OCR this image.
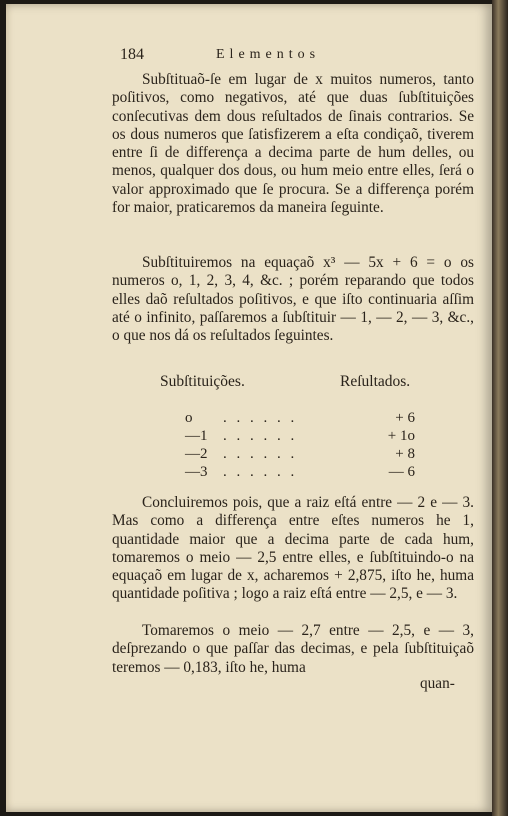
184	Elementos
Subſtituaõ-ſe em lugar de x muitos numeros, tanto poſitivos, como negativos, até que duas ſubſtituições conſecutivas dem dous reſultados de ſinais contrarios. Se os dous numeros que ſatisfizerem a eſta condiçaõ, tiverem entre ſi de differença a decima parte de hum delles, ou menos, qualquer dos dous, ou hum meio entre elles, ſerá o valor approximado que ſe procura. Se a differença porém for maior, praticaremos da maneira ſeguinte.
Subſtituiremos na equaçaõ x³ — 5x + 6 = o os numeros o, 1, 2, 3, 4, &c. ; porém reparando que todos elles daõ reſultados poſitivos, e que iſto continuaria aſſim até o infinito, paſſaremos a ſubſtituir — 1, — 2, — 3, &c., o que nos dá os reſultados ſeguintes.
Subſtituições.	Reſultados.
o	. . . . . .	+ 6
—1	. . . . . .	+ 1o
—2	. . . . . .	+ 8
—3	. . . . . .	— 6
Concluiremos pois, que a raiz eſtá entre — 2 e — 3. Mas como a differença entre eſtes numeros he 1, quantidade maior que a decima parte de cada hum, tomaremos o meio — 2,5 entre elles, e ſubſtituindo-o na equaçaõ em lugar de x, acharemos + 2,875, iſto he, huma quantidade poſitiva ; logo a raiz eſtá entre — 2,5, e — 3.
Tomaremos o meio — 2,7 entre — 2,5, e — 3, deſprezando o que paſſar das decimas, e pela ſubſtituiçaõ teremos — 0,183, iſto he, huma
quan-
